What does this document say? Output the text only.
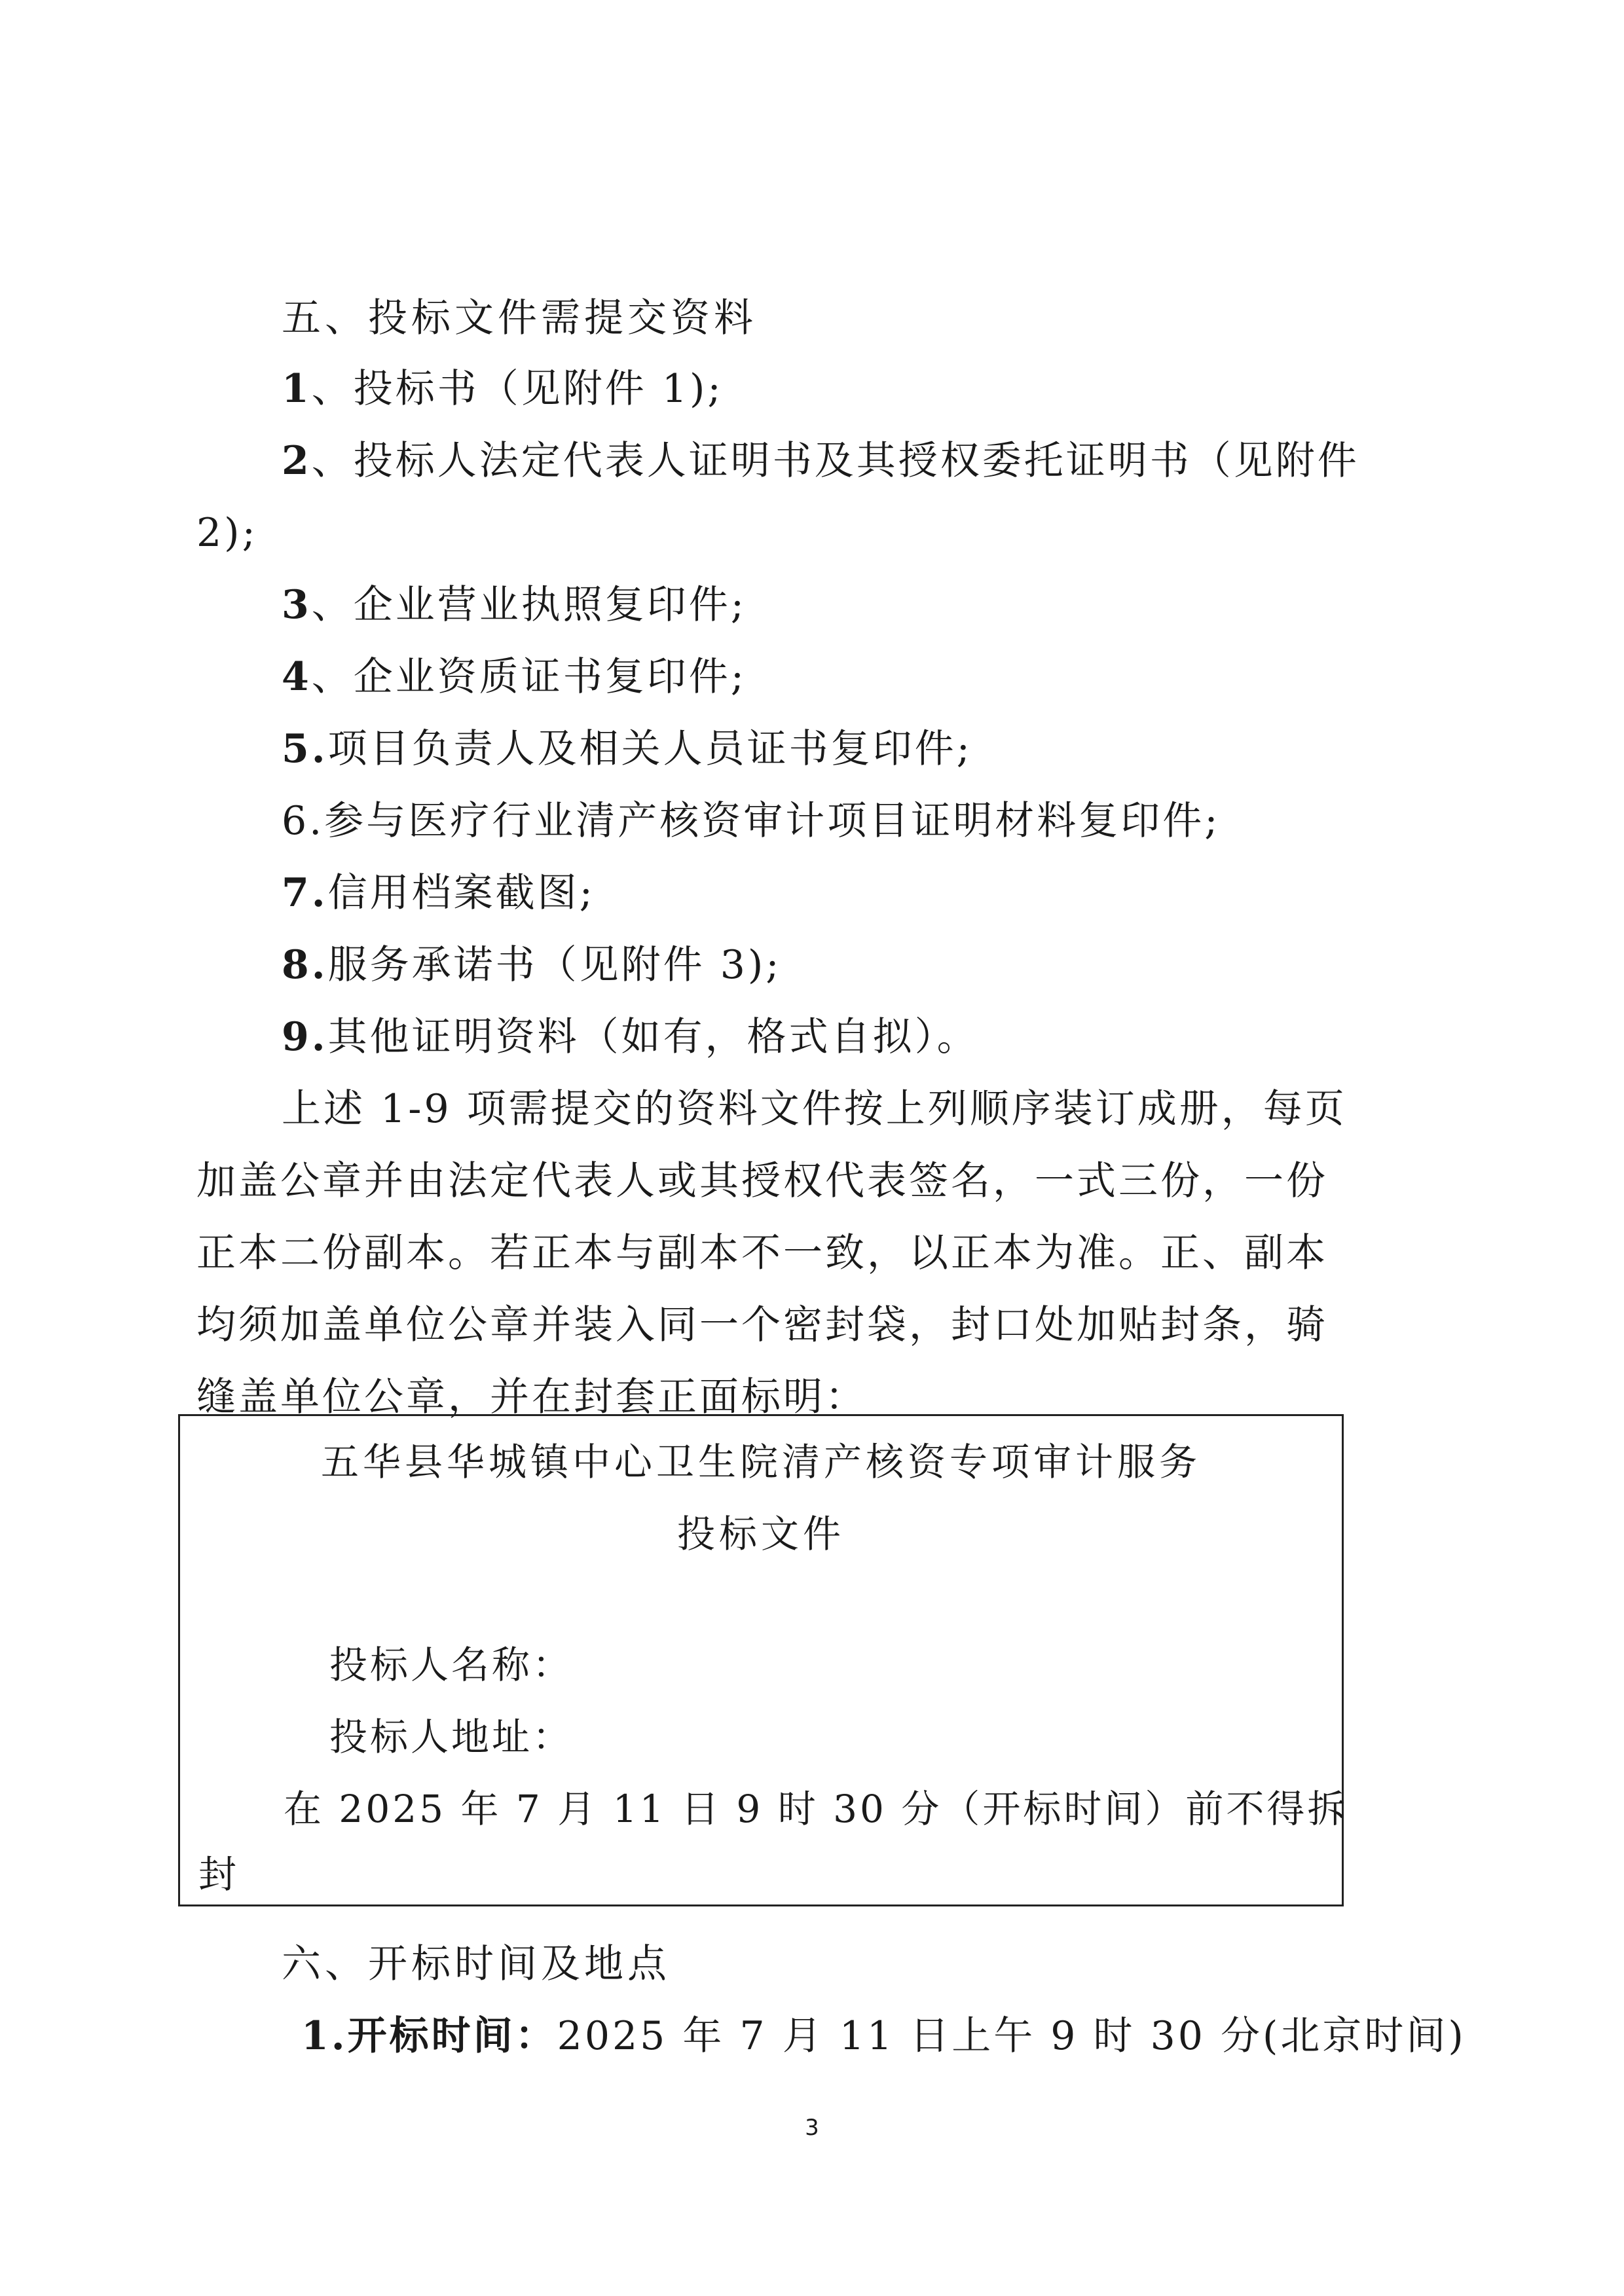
五、投标文件需提交资料
1、投标书（见附件 1);
2、投标人法定代表人证明书及其授权委托证明书（见附件
2);
3、企业营业执照复印件;
4、企业资质证书复印件;
5.项目负责人及相关人员证书复印件;
6.参与医疗行业清产核资审计项目证明材料复印件;
7.信用档案截图;
8.服务承诺书（见附件 3);
9.其他证明资料（如有，格式自拟）。
上述 1-9 项需提交的资料文件按上列顺序装订成册，每页
加盖公章并由法定代表人或其授权代表签名，一式三份，一份
正本二份副本。若正本与副本不一致，以正本为准。正、副本
均须加盖单位公章并装入同一个密封袋，封口处加贴封条，骑
缝盖单位公章，并在封套正面标明：
五华县华城镇中心卫生院清产核资专项审计服务
投标文件
投标人名称：
投标人地址：
在 2025 年 7 月 11 日 9 时 30 分（开标时间）前不得拆
封
六、开标时间及地点
1.开标时间：2025 年 7 月 11 日上午 9 时 30 分(北京时间)
3
